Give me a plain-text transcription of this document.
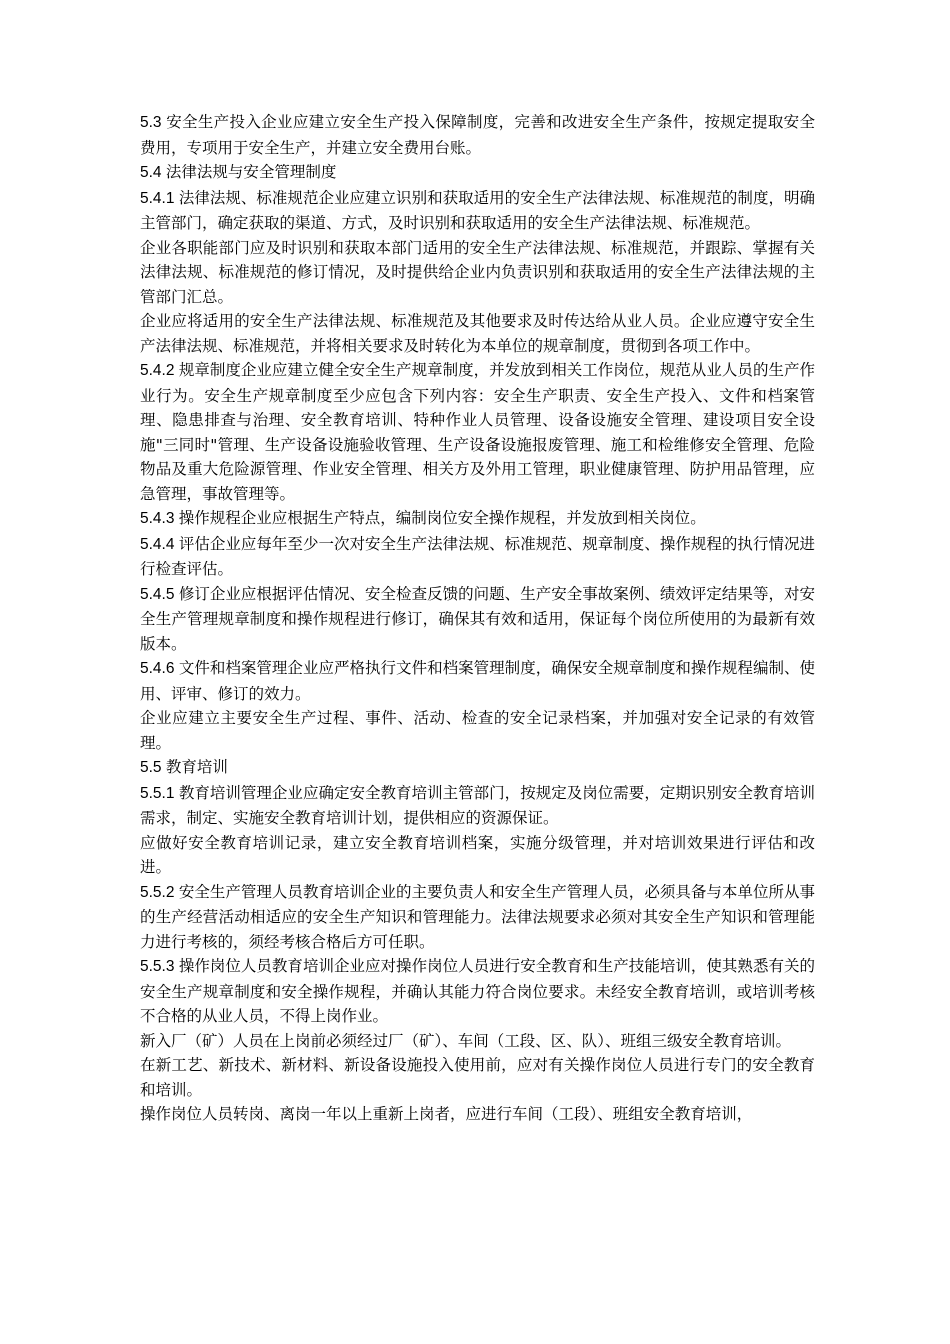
5.3 安全生产投入企业应建立安全生产投入保障制度，完善和改进安全生产条件，按规定提取安全费用，专项用于安全生产，并建立安全费用台账。

5.4 法律法规与安全管理制度

5.4.1 法律法规、标准规范企业应建立识别和获取适用的安全生产法律法规、标准规范的制度，明确主管部门，确定获取的渠道、方式，及时识别和获取适用的安全生产法律法规、标准规范。

企业各职能部门应及时识别和获取本部门适用的安全生产法律法规、标准规范，并跟踪、掌握有关法律法规、标准规范的修订情况，及时提供给企业内负责识别和获取适用的安全生产法律法规的主管部门汇总。

企业应将适用的安全生产法律法规、标准规范及其他要求及时传达给从业人员。企业应遵守安全生产法律法规、标准规范，并将相关要求及时转化为本单位的规章制度，贯彻到各项工作中。

5.4.2 规章制度企业应建立健全安全生产规章制度，并发放到相关工作岗位，规范从业人员的生产作业行为。安全生产规章制度至少应包含下列内容：安全生产职责、安全生产投入、文件和档案管理、隐患排查与治理、安全教育培训、特种作业人员管理、设备设施安全管理、建设项目安全设施"三同时"管理、生产设备设施验收管理、生产设备设施报废管理、施工和检维修安全管理、危险物品及重大危险源管理、作业安全管理、相关方及外用工管理，职业健康管理、防护用品管理，应急管理，事故管理等。

5.4.3 操作规程企业应根据生产特点，编制岗位安全操作规程，并发放到相关岗位。

5.4.4 评估企业应每年至少一次对安全生产法律法规、标准规范、规章制度、操作规程的执行情况进行检查评估。

5.4.5 修订企业应根据评估情况、安全检查反馈的问题、生产安全事故案例、绩效评定结果等，对安全生产管理规章制度和操作规程进行修订，确保其有效和适用，保证每个岗位所使用的为最新有效版本。

5.4.6 文件和档案管理企业应严格执行文件和档案管理制度，确保安全规章制度和操作规程编制、使用、评审、修订的效力。

企业应建立主要安全生产过程、事件、活动、检查的安全记录档案，并加强对安全记录的有效管理。

5.5 教育培训

5.5.1 教育培训管理企业应确定安全教育培训主管部门，按规定及岗位需要，定期识别安全教育培训需求，制定、实施安全教育培训计划，提供相应的资源保证。

应做好安全教育培训记录，建立安全教育培训档案，实施分级管理，并对培训效果进行评估和改进。

5.5.2 安全生产管理人员教育培训企业的主要负责人和安全生产管理人员，必须具备与本单位所从事的生产经营活动相适应的安全生产知识和管理能力。法律法规要求必须对其安全生产知识和管理能力进行考核的，须经考核合格后方可任职。

5.5.3 操作岗位人员教育培训企业应对操作岗位人员进行安全教育和生产技能培训，使其熟悉有关的安全生产规章制度和安全操作规程，并确认其能力符合岗位要求。未经安全教育培训，或培训考核不合格的从业人员，不得上岗作业。

新入厂（矿）人员在上岗前必须经过厂（矿）、车间（工段、区、队）、班组三级安全教育培训。

在新工艺、新技术、新材料、新设备设施投入使用前，应对有关操作岗位人员进行专门的安全教育和培训。

操作岗位人员转岗、离岗一年以上重新上岗者，应进行车间（工段）、班组安全教育培训，
